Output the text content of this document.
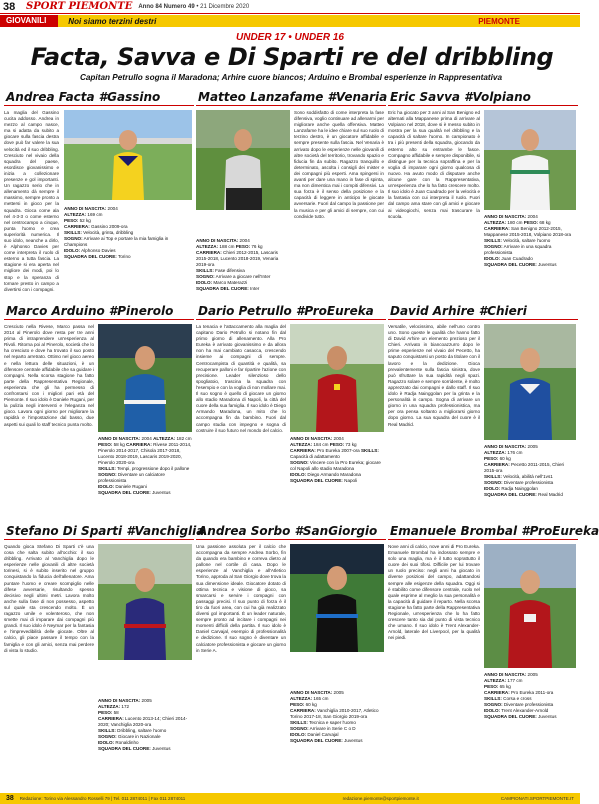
38	SPORT PIEMONTE	Anno 84 Numero 49 • 21 Dicembre 2020
GIOVANILI	Noi siamo terzini destri	PIEMONTE
UNDER 17 • UNDER 16
Facta, Savva e Di Sparti re del dribbling
Capitan Petrullo sogna il Maradona; Arhire cuore biancos; Arduino e Brombal esperienze in Rappresentativa
Andrea Facta #Gassino
La maglia del Gassino cucita addosso. Andrea in mezzo al campo nasce, ma si adatta da subito a giocare sulla fascia destra dove può far valere la sua velocità ed il suo dribbling. Cresciuto nel vivaio della squadra del paese, esordisce giovanissimo e inizia a collezionare presenze e gol importanti. Un ragazzo serio che in allenamento dà sempre il massimo, sempre pronto a mettersi in gioco per la squadra. Gioca come ala nel 4-3-3 o come esterno nel centrocampo a cinque, punta l'uomo e crea superiorità numerica. Il suo idolo, neanche a dirlo, è Alphonso Davies per come interpreta il ruolo di esterno a tutta fascia. La stagione si era aperta nel migliore dei modi, poi lo stop e la speranza di tornare presto in campo a divertirsi con i compagni.
ANNO DI NASCITA: 2004
ALTEZZA: 169 cm
PESO: 52 kg
CARRIERA: Gassino 2009-ora
SKILLS: Velocità, grinta, dribbling
SOGNO: Arrivare ai Top e portare la mia famiglia in Champions
IDOLO: Alphonso Davies
SQUADRA DEL CUORE: Torino
Matteo Lanzafame #Venaria
ANNO DI NASCITA: 2004
ALTEZZA: 188 cm PESO: 76 kg
CARRIERA: Chieri 2012-2015, Lascaris 2015-2018, Lucento 2018-2019, Venaria 2019-ora
SKILLS: Fase difensiva
SOGNO: Arrivare a giocare nell'Inter
IDOLO: Marco Materazzi
SQUADRA DEL CUORE: Inter
Sono soddisfatto di come interpreta la fase difensiva, voglio continuare ad allenarmi per migliorare anche quella offensiva. Matteo Lanzafame ha le idee chiare sul suo ruolo di terzino destro, è un giocatore affidabile e sempre presente sulla fascia. Nel Venaria è arrivato dopo le esperienze nelle giovanili di altre società del territorio, trovando spazio e fiducia fin da subito. Ragazzo tranquillo e determinato, ascolta i consigli dei mister e dei compagni più esperti. Ama spingersi in avanti per dare una mano in fase di spinta, ma non dimentica mai i compiti difensivi. La sua forza è il senso della posizione e la capacità di leggere in anticipo le giocate avversarie. Fuori dal campo la passione per la musica e per gli amici di sempre, con cui condivide tutto.
Eric Savva #Volpiano
Eric ha giocato per 3 anni al San Benigno ed alternati alla Mappanese prima di arrivare al Volpiano nel 2018, dove si è messo subito in mostra per la sua qualità nel dribbling e la capacità di saltare l'uomo. In campionato è tra i più presenti della squadra, giocando da esterno alto su entrambe le fasce. Compagno affidabile e sempre disponibile, si distingue per la tecnica sopraffina e per la voglia di imparare ogni giorno qualcosa di nuovo. Ha avuto modo di disputare anche alcune gare con la Rappresentativa, un'esperienza che lo ha fatto crescere molto. Il suo idolo è Juan Cuadrado per la velocità e la fantasia con cui interpreta il ruolo. Fuori dal campo ama stare con gli amici e giocare ai videogiochi, senza mai trascurare la scuola.	ANNO DI NASCITA: 2004
ALTEZZA: 180 cm PESO: 68 kg
CARRIERA: San Benigno 2012-2015, Mappanese 2015-2018, Volpiano 2018-ora
SKILLS: Velocità, saltare l'uomo
SOGNO: Arrivare in una squadra professionista
IDOLO: Juan Cuadrado
SQUADRA DEL CUORE: Juventus
Marco Arduino #Pinerolo
Cresciuto nella Rivese, Marco passa nel 2014 al Pinerolo dove resta per tre anni prima di intraprendere un'esperienza al Rivoli. Ritorna poi al Pinerolo, società che lo ha cresciuto e dove ha trovato il suo posto nel reparto arretrato. Ottimo nel gioco aereo e nella lettura delle situazioni, è un difensore centrale affidabile che sa guidare i compagni. Nella scorsa stagione ha fatto parte della Rappresentativa Regionale, esperienza che gli ha permesso di confrontarsi con i migliori pari età del Piemonte. Il suo idolo è Daniele Rugani, per la pulizia negli interventi e l'eleganza nel gioco. Lavora ogni giorno per migliorare la rapidità e l'impostazione dal basso, due aspetti sui quali lo staff tecnico punta molto.
ANNO DI NASCITA: 2004 ALTEZZA: 182 cm
PESO: 58 kg CARRIERA: Rivese 2011-2014, Pinerolo 2014-2017, Chisola 2017-2018, Lucento 2018-2019, Lascaris 2019-2020, Pinerolo 2020-ora
SKILLS: Tempi, progressione dopo il pallone
SOGNO: Diventare un calciatore professionista
IDOLO: Daniele Rugani
SQUADRA DEL CUORE: Juventus
Dario Petrullo #ProEureka
La tenacia e l'attaccamento alla maglia del capitano Dario Petrullo si notano fin dal primo giorno di allenamento. Alla Pro Eureka è arrivato giovanissimo e da allora non ha mai cambiato casacca, crescendo insieme ai compagni di sempre. Centrocampista di quantità e qualità, sa recuperare palloni e far ripartire l'azione con precisione. Leader silenzioso dello spogliatoio, trascina la squadra con l'esempio e con la voglia di non mollare mai. Il suo sogno è quello di giocare un giorno allo stadio Maradona di Napoli, la città del cuore della sua famiglia. Il suo idolo è Diego Armando Maradona, un mito che lo accompagna fin da bambino. Fuori dal campo studia con impegno e sogna di costruire il suo futuro nel mondo del calcio.
ANNO DI NASCITA: 2004
ALTEZZA: 184 cm PESO: 73 kg
CARRIERA: Pro Eureka 2007-ora SKILLS: Capacità di adattamento
SOGNO: Vincere con la Pro Eureka; giocare col Napoli allo stadio Maradona
IDOLO: Diego Armando Maradona
SQUADRA DEL CUORE: Napoli
David Arhire #Chieri
Versatile, velocissimo, abile nell'uno contro uno. Sono queste le qualità che hanno fatto di David Arhire un elemento prezioso per il Chieri. Arrivato in biancoazzurro dopo le prime esperienze nel vivaio del Pecetto, ha saputo conquistarsi un posto da titolare con il lavoro e la dedizione. Gioca prevalentemente sulla fascia sinistra, dove può sfruttare la sua rapidità negli spazi. Ragazzo solare e sempre sorridente, è molto apprezzato dai compagni e dallo staff. Il suo idolo è Radja Nainggolan per la grinta e la personalità in campo. Sogna di arrivare un giorno in una squadra professionistica, ma per ora pensa soltanto a migliorarsi giorno dopo giorno. La sua squadra del cuore è il Real Madrid.
ANNO DI NASCITA: 2005
ALTEZZA: 176 cm
PESO: 60 kg
CARRIERA: Pecetto 2011-2015, Chieri 2015-ora
SKILLS: Velocità, abilità nell'1vs1
SOGNO: Diventare professionista
IDOLO: Radja Nainggolan
SQUADRA DEL CUORE: Real Madrid
Stefano Di Sparti #Vanchiglia
Quando gioca Stefano Di Sparti c'è una cosa che salta subito all'occhio: il suo dribbling. Arrivato al Vanchiglia dopo le esperienze nelle giovanili di altre società torinesi, si è subito inserito nel gruppo conquistando la fiducia dell'allenatore. Ama puntare l'uomo e creare scompiglio nelle difese avversarie, risultando spesso decisivo negli ultimi metri. Lavora molto anche sulla fase di non possesso, aspetto sul quale sta crescendo molto. È un ragazzo umile e volenteroso, che non smette mai di imparare dai compagni più grandi. Il suo idolo è Neymar per la fantasia e l'imprevedibilità delle giocate. Oltre al calcio, gli piace passare il tempo con la famiglia e con gli amici, senza mai perdere di vista lo studio.
ANNO DI NASCITA: 2005
ALTEZZA: 172
PESO: 58
CARRIERA: Lucento 2013-14; Chieri 2014-2020; Vanchiglia 2020-ora
SKILLS: Dribbling, saltare l'uomo
SOGNO: Giocare in Nazionale
IDOLO: Ronaldinho
SQUADRA DEL CUORE: Juventus
Andrea Sorbo #SanGiorgio
Una passione assoluta per il calcio che accompagna da sempre Andrea Sorbo, fin da quando era bambino e correva dietro al pallone nel cortile di casa. Dopo le esperienze al Vanchiglia e all'Atletico Torino, approda al San Giorgio dove trova la sua dimensione ideale. Giocatore dotato di ottima tecnica e visione di gioco, sa smarcarsi e servire i compagni con passaggi precisi. Il suo punto di forza è il tiro da fuori area, con cui ha già realizzato diversi gol importanti. È un leader naturale, sempre pronto ad incitare i compagni nei momenti difficili della partita. Il suo idolo è Daniel Carvajal, esempio di professionalità e dedizione. Il suo sogno è diventare un calciatore professionista e giocare un giorno in Serie A.
ANNO DI NASCITA: 2005
ALTEZZA: 165 cm
PESO: 60 kg
CARRIERA: Vanchiglia 2010-2017, Atletico Torino 2017-18, San Giorgio 2019-ora
SKILLS: Tecnica e saper l'uomo
SOGNO: Arrivare in Serie C o D
IDOLO: Daniel Carvajal
SQUADRA DEL CUORE: Juventus
Emanuele Brombal #ProEureka
Nove anni di calcio, nove anni di Pro Eureka. Emanuele Brombal ha indossato sempre e solo una maglia, ma è il tutto soprattutto il cuore dei suoi tifosi. Difficile per lui trovare un ruolo preciso: negli anni ha giocato in diverse posizioni del campo, adattandosi sempre alle esigenze della squadra. Oggi si è stabilito come difensore centrale, ruolo nel quale esprime al meglio la sua personalità e la capacità di guidare il reparto. Nella scorsa stagione ha fatto parte della Rappresentativa Regionale, un'esperienza che lo ha fatto crescere tanto sia dal punto di vista tecnico che umano. Il suo idolo è Trent Alexander-Arnold, laterale del Liverpool, per la qualità nei piedi.
ANNO DI NASCITA: 2005
ALTEZZA: 177 cm
PESO: 65 kg
CARRIERA: Pro Eureka 2011-ora
SKILLS: Corsa e cross
SOGNO: Diventare professionista
IDOLO: Trent Alexander-Arnold
SQUADRA DEL CUORE: Juventus
38 Redazione: Torino via Alessandro Rosselli 79 | Tel. 011 2874011 | Fax 011 2874011	redazione.piemonte@sportpiemonte.it	CAMPIONATI.SPORTPIEMONTE.IT
